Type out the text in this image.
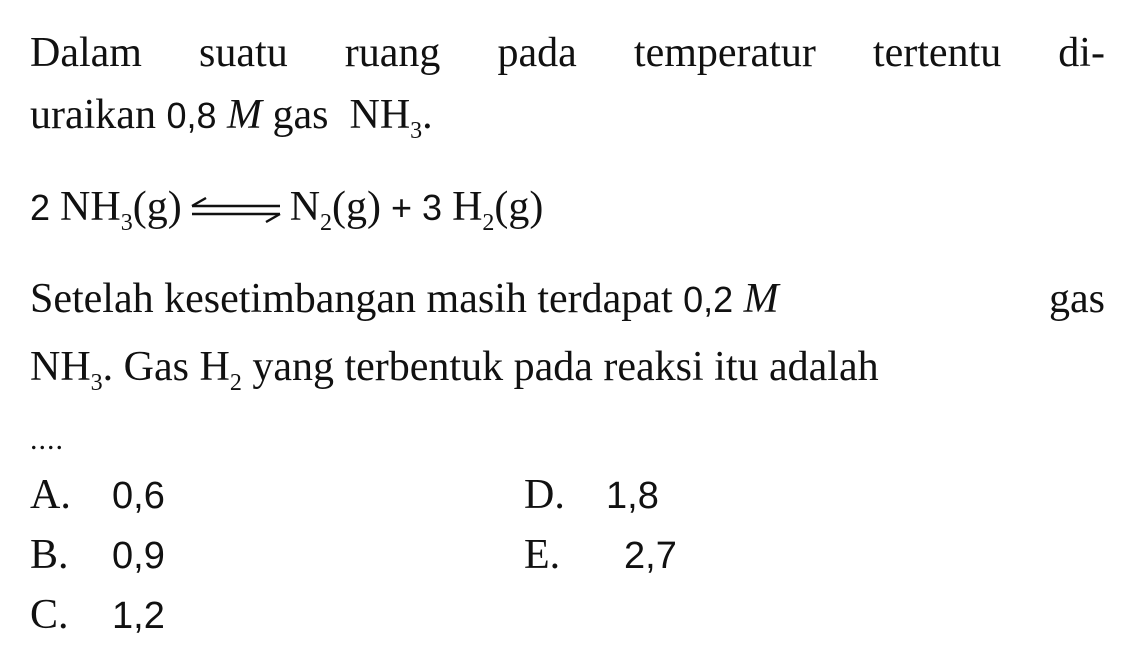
Dalam suatu ruang pada temperatur tertentu di-
uraikan 0,8 M gas  $NH_3$.
2 $NH_3(g)$ ⇌ $N_2(g) + 3$ $H_2(g)$
Setelah kesetimbangan masih terdapat 0,2 M	gas
$NH_3$. Gas $H_2$ yang terbentuk pada reaksi itu adalah
....
A. 0,6
B. 0,9
C. 1,2
D. 1,8
E. 2,7
